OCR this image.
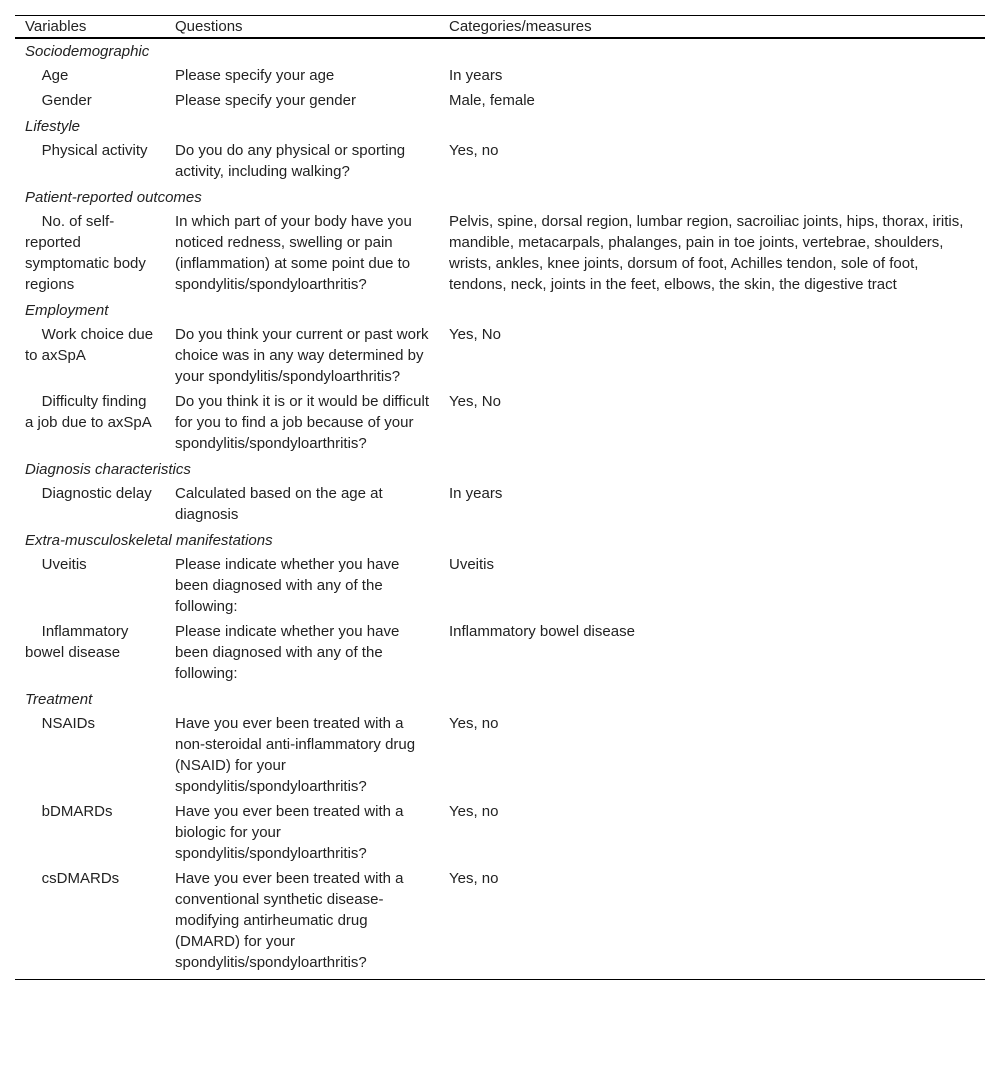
Variables	Questions	Categories/measures
Sociodemographic		
Age	Please specify your age	In years
Gender	Please specify your gender	Male, female
Lifestyle		
Physical activity	Do you do any physical or sporting activity, including walking?	Yes, no
Patient-reported outcomes		
No. of self-reported symptomatic body regions	In which part of your body have you noticed redness, swelling or pain (inflammation) at some point due to spondylitis/spondyloarthritis?	Pelvis, spine, dorsal region, lumbar region, sacroiliac joints, hips, thorax, iritis, mandible, metacarpals, phalanges, pain in toe joints, vertebrae, shoulders, wrists, ankles, knee joints, dorsum of foot, Achilles tendon, sole of foot, tendons, neck, joints in the feet, elbows, the skin, the digestive tract
Employment		
Work choice due to axSpA	Do you think your current or past work choice was in any way determined by your spondylitis/spondyloarthritis?	Yes, No
Difficulty finding a job due to axSpA	Do you think it is or it would be difficult for you to find a job because of your spondylitis/spondyloarthritis?	Yes, No
Diagnosis characteristics		
Diagnostic delay	Calculated based on the age at diagnosis	In years
Extra-musculoskeletal manifestations		
Uveitis	Please indicate whether you have been diagnosed with any of the following:	Uveitis
Inflammatory bowel disease	Please indicate whether you have been diagnosed with any of the following:	Inflammatory bowel disease
Treatment		
NSAIDs	Have you ever been treated with a non-steroidal anti-inflammatory drug (NSAID) for your spondylitis/spondyloarthritis?	Yes, no
bDMARDs	Have you ever been treated with a biologic for your spondylitis/spondyloarthritis?	Yes, no
csDMARDs	Have you ever been treated with a conventional synthetic disease-modifying antirheumatic drug (DMARD) for your spondylitis/spondyloarthritis?	Yes, no
